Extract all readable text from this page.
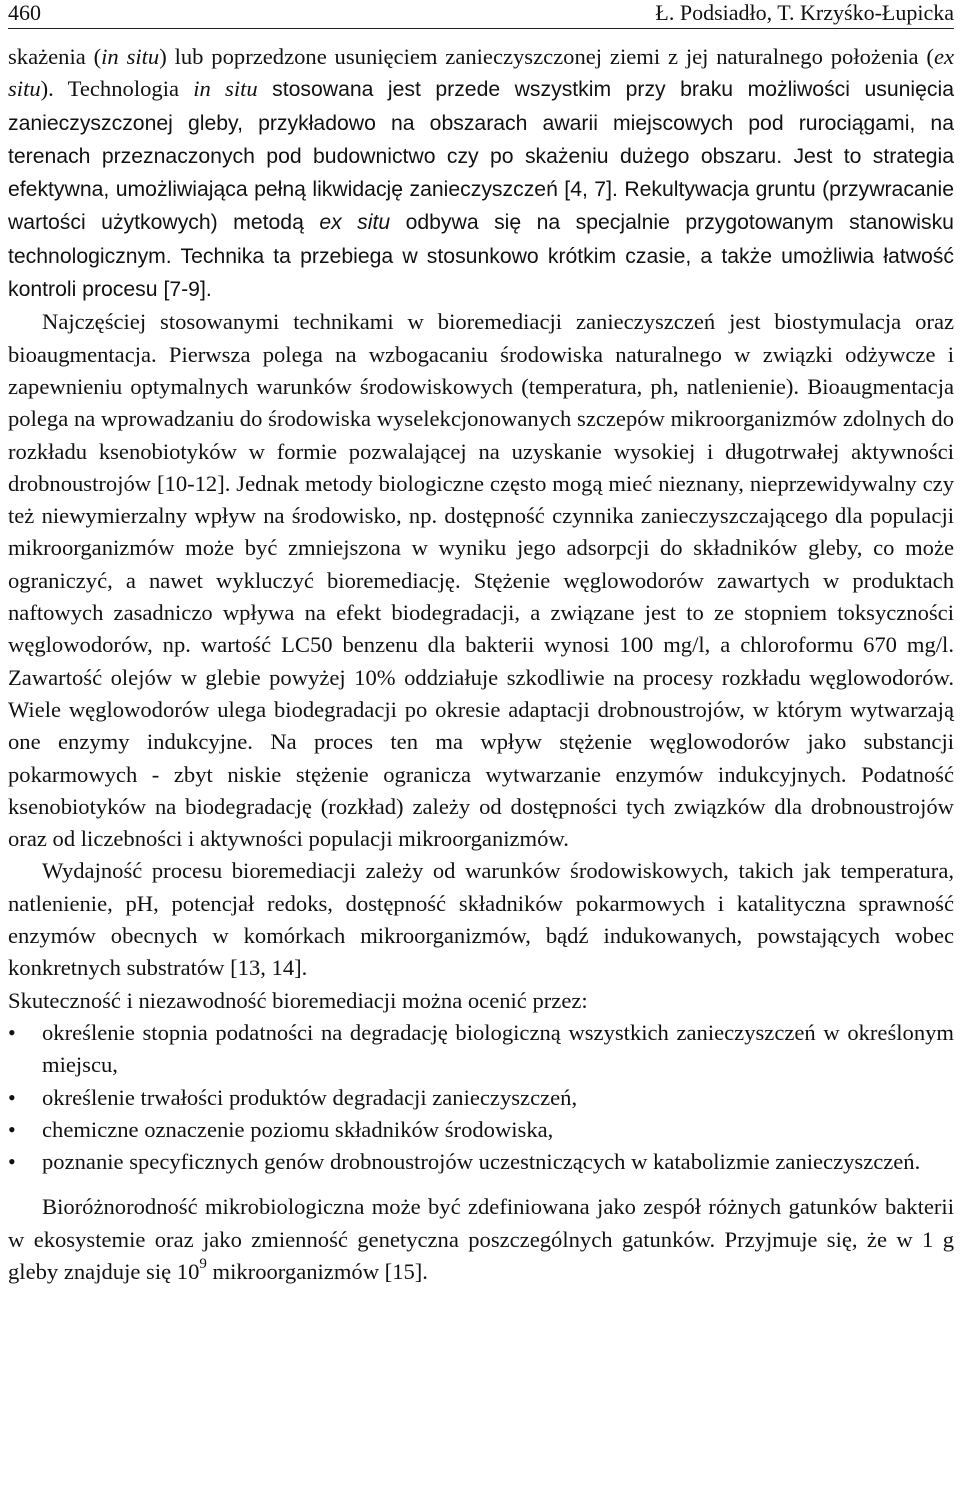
460	Ł. Podsiadło, T. Krzyśko-Łupicka

skażenia (in situ) lub poprzedzone usunięciem zanieczyszczonej ziemi z jej naturalnego położenia (ex situ). Technologia in situ stosowana jest przede wszystkim przy braku możliwości usunięcia zanieczyszczonej gleby, przykładowo na obszarach awarii miejscowych pod rurociągami, na terenach przeznaczonych pod budownictwo czy po skażeniu dużego obszaru. Jest to strategia efektywna, umożliwiająca pełną likwidację zanieczyszczeń [4, 7]. Rekultywacja gruntu (przywracanie wartości użytkowych) metodą ex situ odbywa się na specjalnie przygotowanym stanowisku technologicznym. Technika ta przebiega w stosunkowo krótkim czasie, a także umożliwia łatwość kontroli procesu [7-9].

Najczęściej stosowanymi technikami w bioremediacji zanieczyszczeń jest biostymulacja oraz bioaugmentacja. Pierwsza polega na wzbogacaniu środowiska naturalnego w związki odżywcze i zapewnieniu optymalnych warunków środowiskowych (temperatura, ph, natlenienie). Bioaugmentacja polega na wprowadzaniu do środowiska wyselekcjonowanych szczepów mikroorganizmów zdolnych do rozkładu ksenobiotyków w formie pozwalającej na uzyskanie wysokiej i długotrwałej aktywności drobnoustrojów [10-12]. Jednak metody biologiczne często mogą mieć nieznany, nieprzewidywalny czy też niewymierzalny wpływ na środowisko, np. dostępność czynnika zanieczyszczającego dla populacji mikroorganizmów może być zmniejszona w wyniku jego adsorpcji do składników gleby, co może ograniczyć, a nawet wykluczyć bioremediację. Stężenie węglowodorów zawartych w produktach naftowych zasadniczo wpływa na efekt biodegradacji, a związane jest to ze stopniem toksyczności węglowodorów, np. wartość LC50 benzenu dla bakterii wynosi 100 mg/l, a chloroformu 670 mg/l. Zawartość olejów w glebie powyżej 10% oddziałuje szkodliwie na procesy rozkładu węglowodorów. Wiele węglowodorów ulega biodegradacji po okresie adaptacji drobnoustrojów, w którym wytwarzają one enzymy indukcyjne. Na proces ten ma wpływ stężenie węglowodorów jako substancji pokarmowych - zbyt niskie stężenie ogranicza wytwarzanie enzymów indukcyjnych. Podatność ksenobiotyków na biodegradację (rozkład) zależy od dostępności tych związków dla drobnoustrojów oraz od liczebności i aktywności populacji mikroorganizmów.

Wydajność procesu bioremediacji zależy od warunków środowiskowych, takich jak temperatura, natlenienie, pH, potencjał redoks, dostępność składników pokarmowych i katalityczna sprawność enzymów obecnych w komórkach mikroorganizmów, bądź indukowanych, powstających wobec konkretnych substratów [13, 14].

Skuteczność i niezawodność bioremediacji można ocenić przez:

• określenie stopnia podatności na degradację biologiczną wszystkich zanieczyszczeń w określonym miejscu,
• określenie trwałości produktów degradacji zanieczyszczeń,
• chemiczne oznaczenie poziomu składników środowiska,
• poznanie specyficznych genów drobnoustrojów uczestniczących w katabolizmie zanieczyszczeń.

Bioróżnorodność mikrobiologiczna może być zdefiniowana jako zespół różnych gatunków bakterii w ekosystemie oraz jako zmienność genetyczna poszczególnych gatunków. Przyjmuje się, że w 1 g gleby znajduje się $10^9$ mikroorganizmów [15].
